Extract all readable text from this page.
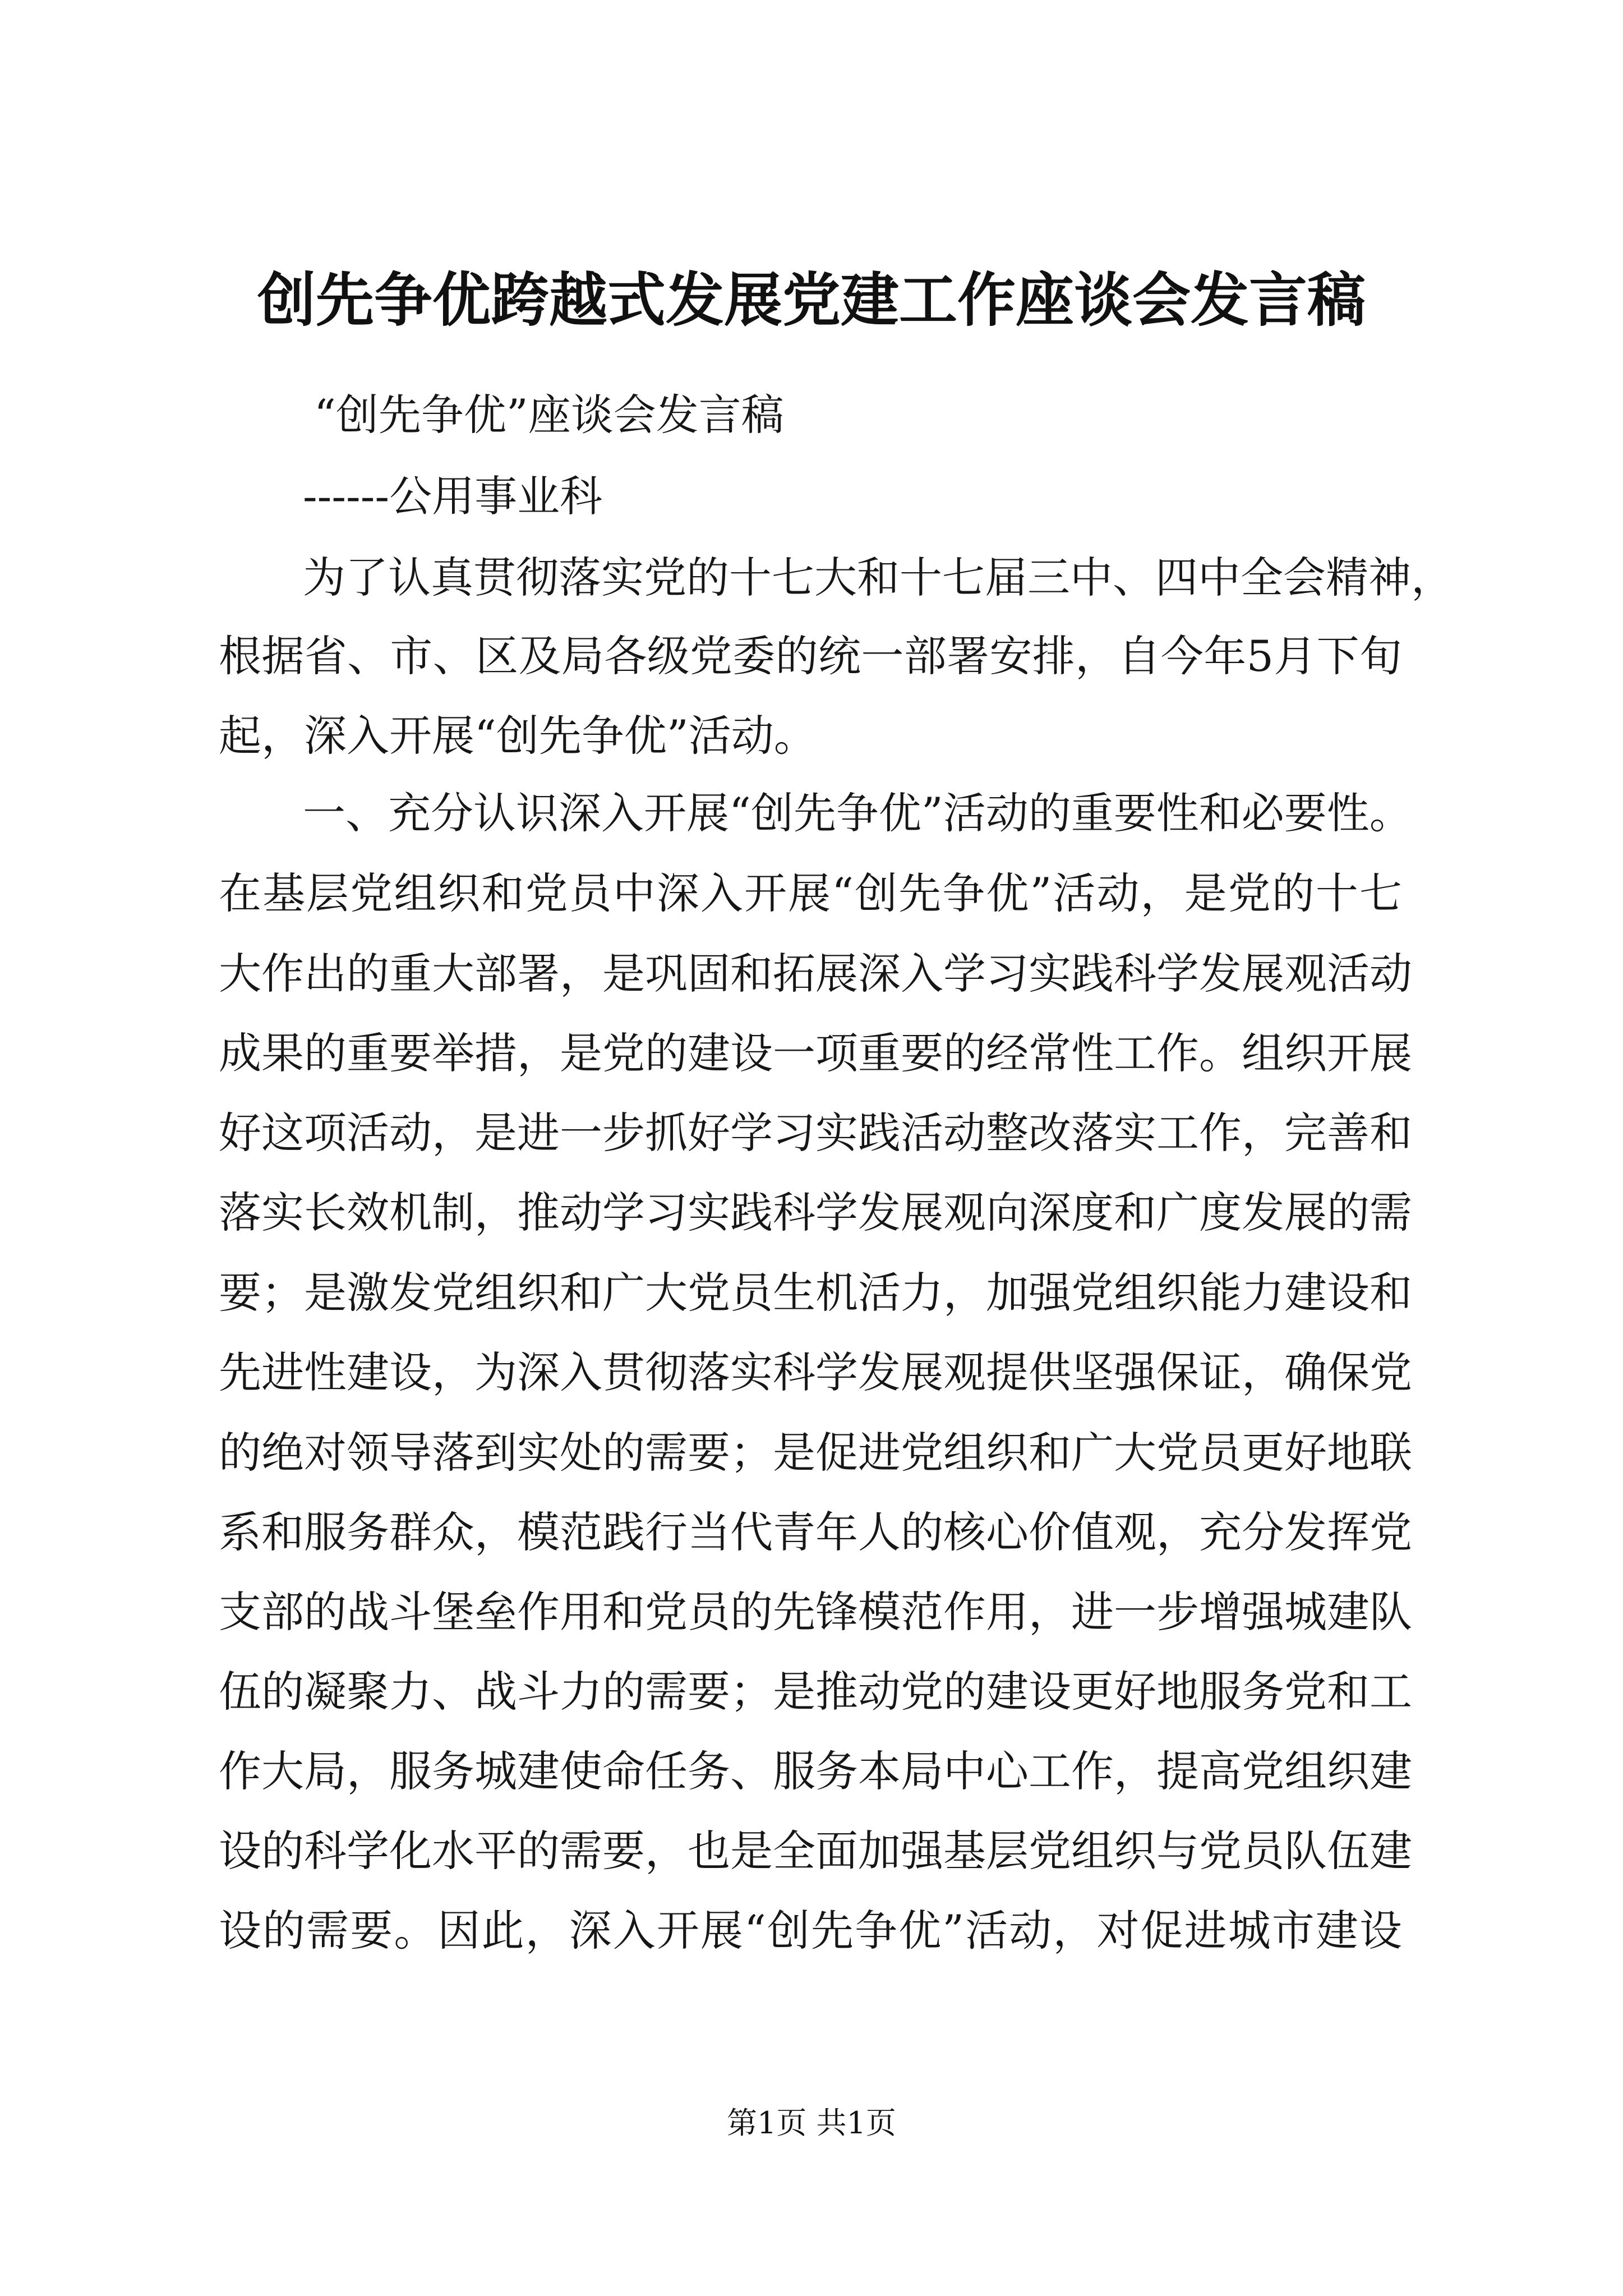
创先争优跨越式发展党建工作座谈会发言稿
“创先争优”座谈会发言稿
------公用事业科
为了认真贯彻落实党的十七大和十七届三中、四中全会精神，
根据省、市、区及局各级党委的统一部署安排，自今年5月下旬
起，深入开展“创先争优”活动。
一、充分认识深入开展“创先争优”活动的重要性和必要性。
在基层党组织和党员中深入开展“创先争优”活动，是党的十七
大作出的重大部署，是巩固和拓展深入学习实践科学发展观活动
成果的重要举措，是党的建设一项重要的经常性工作。组织开展
好这项活动，是进一步抓好学习实践活动整改落实工作，完善和
落实长效机制，推动学习实践科学发展观向深度和广度发展的需
要；是激发党组织和广大党员生机活力，加强党组织能力建设和
先进性建设，为深入贯彻落实科学发展观提供坚强保证，确保党
的绝对领导落到实处的需要；是促进党组织和广大党员更好地联
系和服务群众，模范践行当代青年人的核心价值观，充分发挥党
支部的战斗堡垒作用和党员的先锋模范作用，进一步增强城建队
伍的凝聚力、战斗力的需要；是推动党的建设更好地服务党和工
作大局，服务城建使命任务、服务本局中心工作，提高党组织建
设的科学化水平的需要，也是全面加强基层党组织与党员队伍建
设的需要。因此，深入开展“创先争优”活动，对促进城市建设
第1页 共1页
